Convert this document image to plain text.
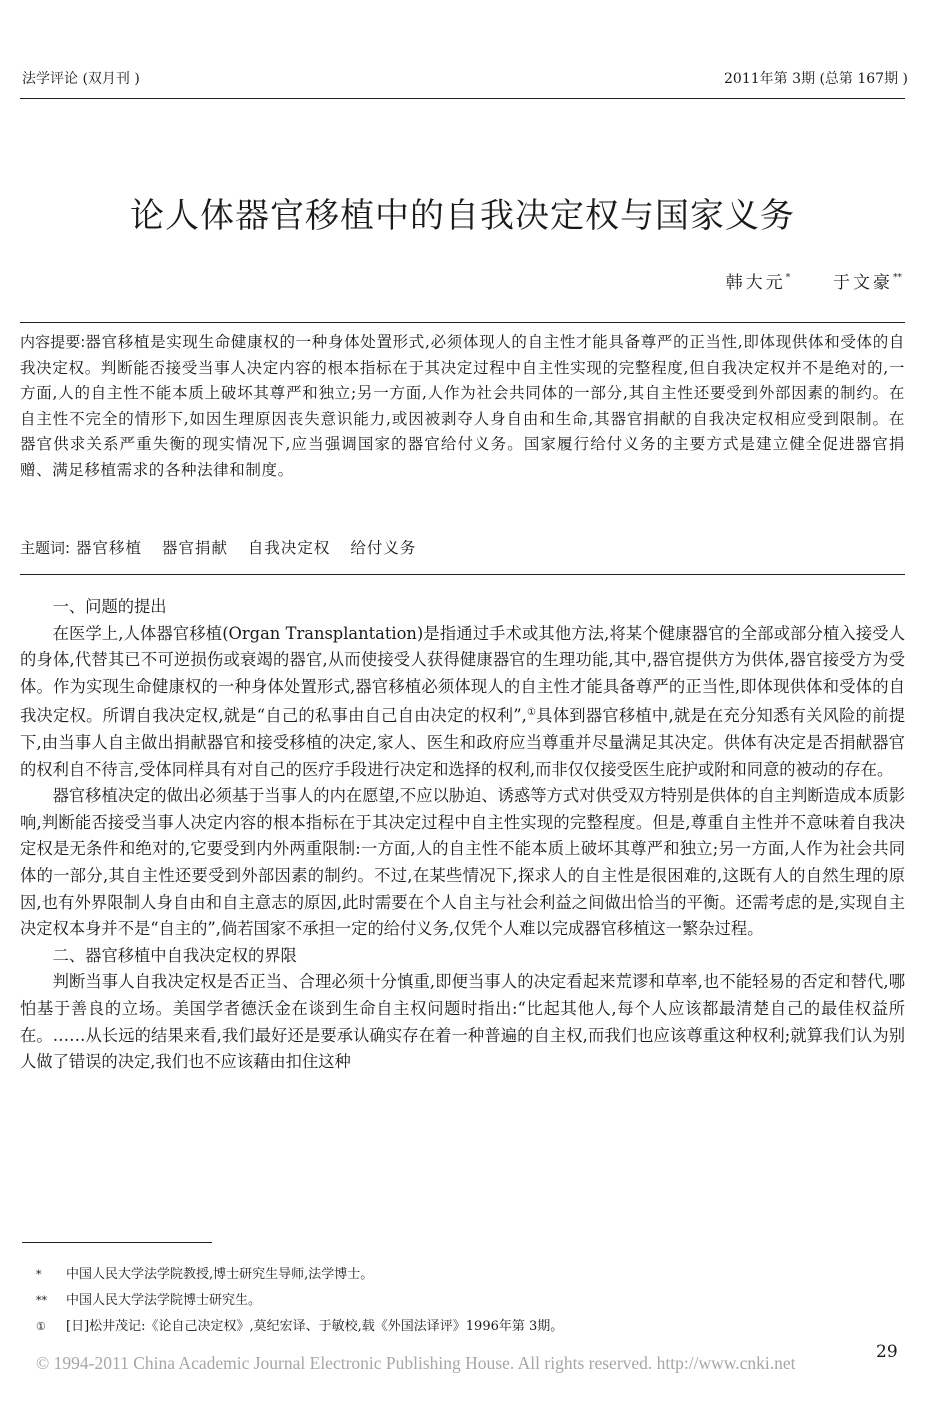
法学评论 (双月刊 )	2011年第 3期 (总第 167期 )
论人体器官移植中的自我决定权与国家义务
韩大元*	于文豪**
内容提要:器官移植是实现生命健康权的一种身体处置形式,必须体现人的自主性才能具备尊严的正当性,即体现供体和受体的自我决定权。判断能否接受当事人决定内容的根本指标在于其决定过程中自主性实现的完整程度,但自我决定权并不是绝对的,一方面,人的自主性不能本质上破坏其尊严和独立;另一方面,人作为社会共同体的一部分,其自主性还要受到外部因素的制约。在自主性不完全的情形下,如因生理原因丧失意识能力,或因被剥夺人身自由和生命,其器官捐献的自我决定权相应受到限制。在器官供求关系严重失衡的现实情况下,应当强调国家的器官给付义务。国家履行给付义务的主要方式是建立健全促进器官捐赠、满足移植需求的各种法律和制度。
主题词: 器官移植 器官捐献 自我决定权 给付义务
一、问题的提出

在医学上,人体器官移植(Organ Transplantation)是指通过手术或其他方法,将某个健康器官的全部或部分植入接受人的身体,代替其已不可逆损伤或衰竭的器官,从而使接受人获得健康器官的生理功能,其中,器官提供方为供体,器官接受方为受体。作为实现生命健康权的一种身体处置形式,器官移植必须体现人的自主性才能具备尊严的正当性,即体现供体和受体的自我决定权。所谓自我决定权,就是“自己的私事由自己自由决定的权利”,①具体到器官移植中,就是在充分知悉有关风险的前提下,由当事人自主做出捐献器官和接受移植的决定,家人、医生和政府应当尊重并尽量满足其决定。供体有决定是否捐献器官的权利自不待言,受体同样具有对自己的医疗手段进行决定和选择的权利,而非仅仅接受医生庇护或附和同意的被动的存在。

器官移植决定的做出必须基于当事人的内在愿望,不应以胁迫、诱惑等方式对供受双方特别是供体的自主判断造成本质影响,判断能否接受当事人决定内容的根本指标在于其决定过程中自主性实现的完整程度。但是,尊重自主性并不意味着自我决定权是无条件和绝对的,它要受到内外两重限制:一方面,人的自主性不能本质上破坏其尊严和独立;另一方面,人作为社会共同体的一部分,其自主性还要受到外部因素的制约。不过,在某些情况下,探求人的自主性是很困难的,这既有人的自然生理的原因,也有外界限制人身自由和自主意志的原因,此时需要在个人自主与社会利益之间做出恰当的平衡。还需考虑的是,实现自主决定权本身并不是“自主的”,倘若国家不承担一定的给付义务,仅凭个人难以完成器官移植这一繁杂过程。

二、器官移植中自我决定权的界限

判断当事人自我决定权是否正当、合理必须十分慎重,即便当事人的决定看起来荒谬和草率,也不能轻易的否定和替代,哪怕基于善良的立场。美国学者德沃金在谈到生命自主权问题时指出:“比起其他人,每个人应该都最清楚自己的最佳权益所在。……从长远的结果来看,我们最好还是要承认确实存在着一种普遍的自主权,而我们也应该尊重这种权利;就算我们认为别人做了错误的决定,我们也不应该藉由扣住这种

* 中国人民大学法学院教授,博士研究生导师,法学博士。
** 中国人民大学法学院博士研究生。
① [日]松井茂记:《论自己决定权》,莫纪宏译、于敏校,载《外国法译评》1996年第 3期。
29
© 1994-2011 China Academic Journal Electronic Publishing House. All rights reserved. http://www.cnki.net
